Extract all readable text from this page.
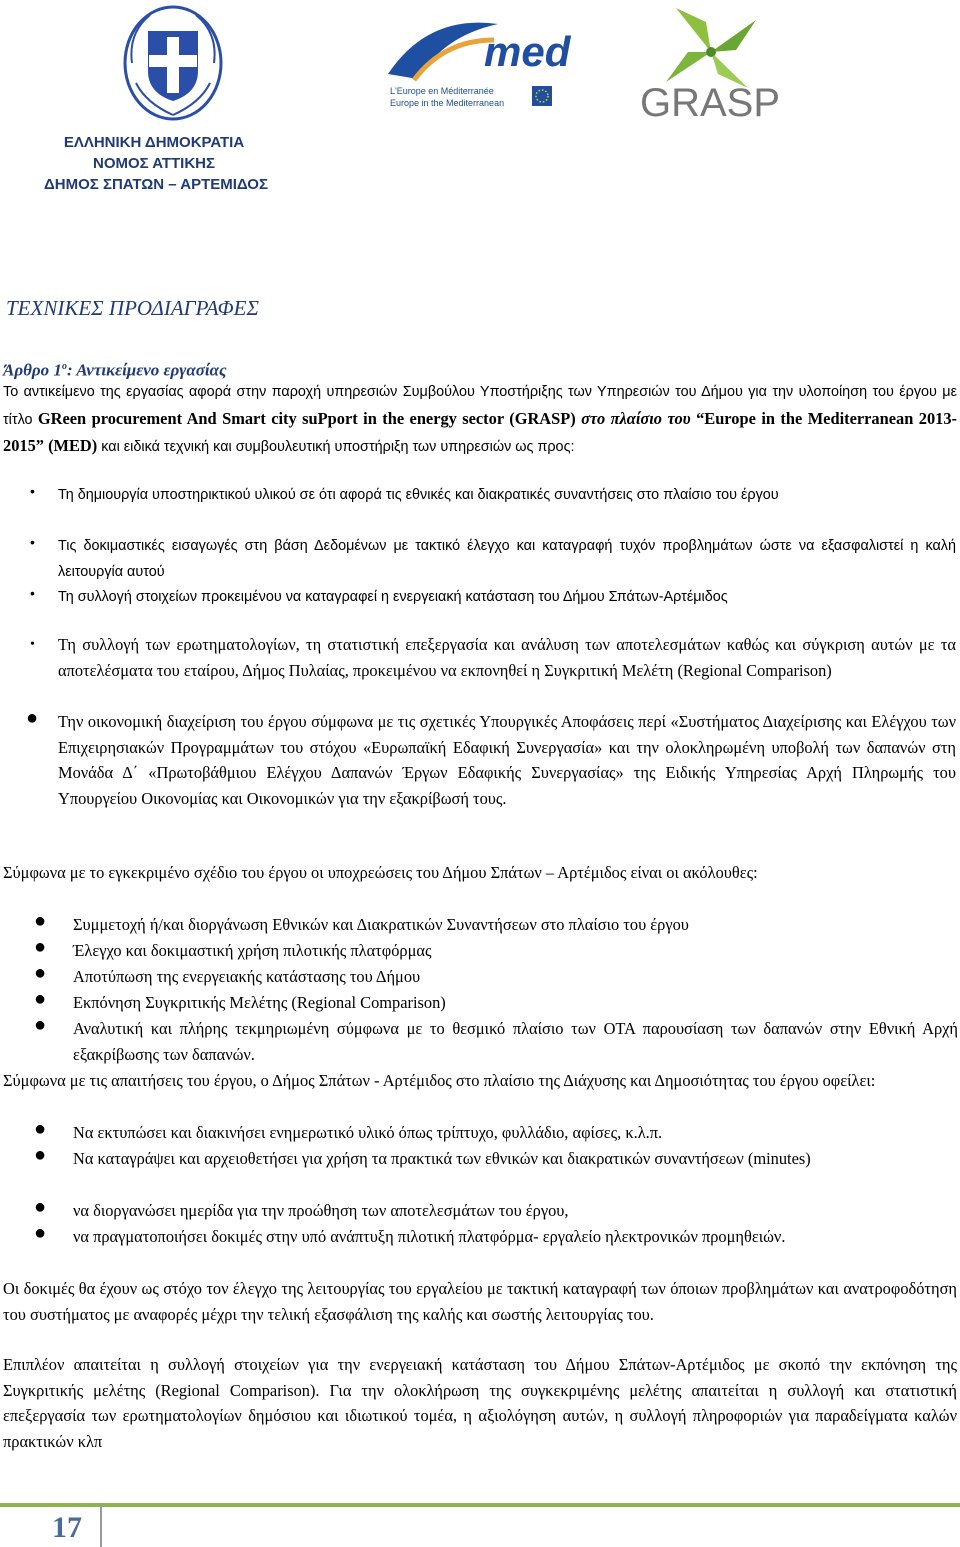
med
L'Europe en Méditerranée
Europe in the Mediterranean	GRASP
ΕΛΛΗΝΙΚΗ ΔΗΜΟΚΡΑΤΙΑ
ΝΟΜΟΣ ΑΤΤΙΚΗΣ
ΔΗΜΟΣ ΣΠΑΤΩΝ – ΑΡΤΕΜΙΔΟΣ
ΤΕΧΝΙΚΕΣ ΠΡΟΔΙΑΓΡΑΦΕΣ
Άρθρο $1^o$: Αντικείμενο εργασίας
Το αντικείμενο της εργασίας αφορά στην παροχή υπηρεσιών Συμβούλου Υποστήριξης των Υπηρεσιών του Δήμου για την υλοποίηση του έργου με τίτλο GReen procurement And Smart city suPport in the energy sector (GRASP) στο πλαίσιο του “Europe in the Mediterranean 2013-2015” (MED) και ειδικά τεχνική και συμβουλευτική υποστήριξη των υπηρεσιών ως προς:
• Τη δημιουργία υποστηρικτικού υλικού σε ότι αφορά τις εθνικές και διακρατικές συναντήσεις στο πλαίσιο του έργου
• Τις δοκιμαστικές εισαγωγές στη βάση Δεδομένων με τακτικό έλεγχο και καταγραφή τυχόν προβλημάτων ώστε να εξασφαλιστεί η καλή λειτουργία αυτού
• Τη συλλογή στοιχείων προκειμένου να καταγραφεί η ενεργειακή κατάσταση του Δήμου Σπάτων-Αρτέμιδος
• Τη συλλογή των ερωτηματολογίων, τη στατιστική επεξεργασία και ανάλυση των αποτελεσμάτων καθώς και σύγκριση αυτών με τα αποτελέσματα του εταίρου, Δήμος Πυλαίας, προκειμένου να εκπονηθεί η Συγκριτική Μελέτη (Regional Comparison)
● Την οικονομική διαχείριση του έργου σύμφωνα με τις σχετικές Υπουργικές Αποφάσεις περί «Συστήματος Διαχείρισης και Ελέγχου των Επιχειρησιακών Προγραμμάτων του στόχου «Ευρωπαϊκή Εδαφική Συνεργασία» και την ολοκληρωμένη υποβολή των δαπανών στη Μονάδα Δ΄ «Πρωτοβάθμιου Ελέγχου Δαπανών Έργων Εδαφικής Συνεργασίας» της Ειδικής Υπηρεσίας Αρχή Πληρωμής του Υπουργείου Οικονομίας και Οικονομικών για την εξακρίβωσή τους.
Σύμφωνα με το εγκεκριμένο σχέδιο του έργου οι υποχρεώσεις του Δήμου Σπάτων – Αρτέμιδος είναι οι ακόλουθες:
● Συμμετοχή ή/και διοργάνωση Εθνικών και Διακρατικών Συναντήσεων στο πλαίσιο του έργου
● Έλεγχο και δοκιμαστική χρήση πιλοτικής πλατφόρμας
● Αποτύπωση της ενεργειακής κατάστασης του Δήμου
● Εκπόνηση Συγκριτικής Μελέτης (Regional Comparison)
● Αναλυτική και πλήρης τεκμηριωμένη σύμφωνα με το θεσμικό πλαίσιο των ΟΤΑ παρουσίαση των δαπανών στην Εθνική Αρχή εξακρίβωσης των δαπανών.
Σύμφωνα με τις απαιτήσεις του έργου, ο Δήμος Σπάτων - Αρτέμιδος στο πλαίσιο της Διάχυσης και Δημοσιότητας του έργου οφείλει:
● Να εκτυπώσει και διακινήσει ενημερωτικό υλικό όπως τρίπτυχο, φυλλάδιο, αφίσες, κ.λ.π.
● Να καταγράψει και αρχειοθετήσει για χρήση τα πρακτικά των εθνικών και διακρατικών συναντήσεων (minutes)
● να διοργανώσει ημερίδα για την προώθηση των αποτελεσμάτων του έργου,
● να πραγματοποιήσει δοκιμές στην υπό ανάπτυξη πιλοτική πλατφόρμα- εργαλείο ηλεκτρονικών προμηθειών.
Οι δοκιμές θα έχουν ως στόχο τον έλεγχο της λειτουργίας του εργαλείου με τακτική καταγραφή των όποιων προβλημάτων και ανατροφοδότηση του συστήματος με αναφορές μέχρι την τελική εξασφάλιση της καλής και σωστής λειτουργίας του.
Επιπλέον απαιτείται η συλλογή στοιχείων για την ενεργειακή κατάσταση του Δήμου Σπάτων-Αρτέμιδος με σκοπό την εκπόνηση της Συγκριτικής μελέτης (Regional Comparison). Για την ολοκλήρωση της συγκεκριμένης μελέτης απαιτείται η συλλογή και στατιστική επεξεργασία των ερωτηματολογίων δημόσιου και ιδιωτικού τομέα, η αξιολόγηση αυτών, η συλλογή πληροφοριών για παραδείγματα καλών πρακτικών κλπ
17
